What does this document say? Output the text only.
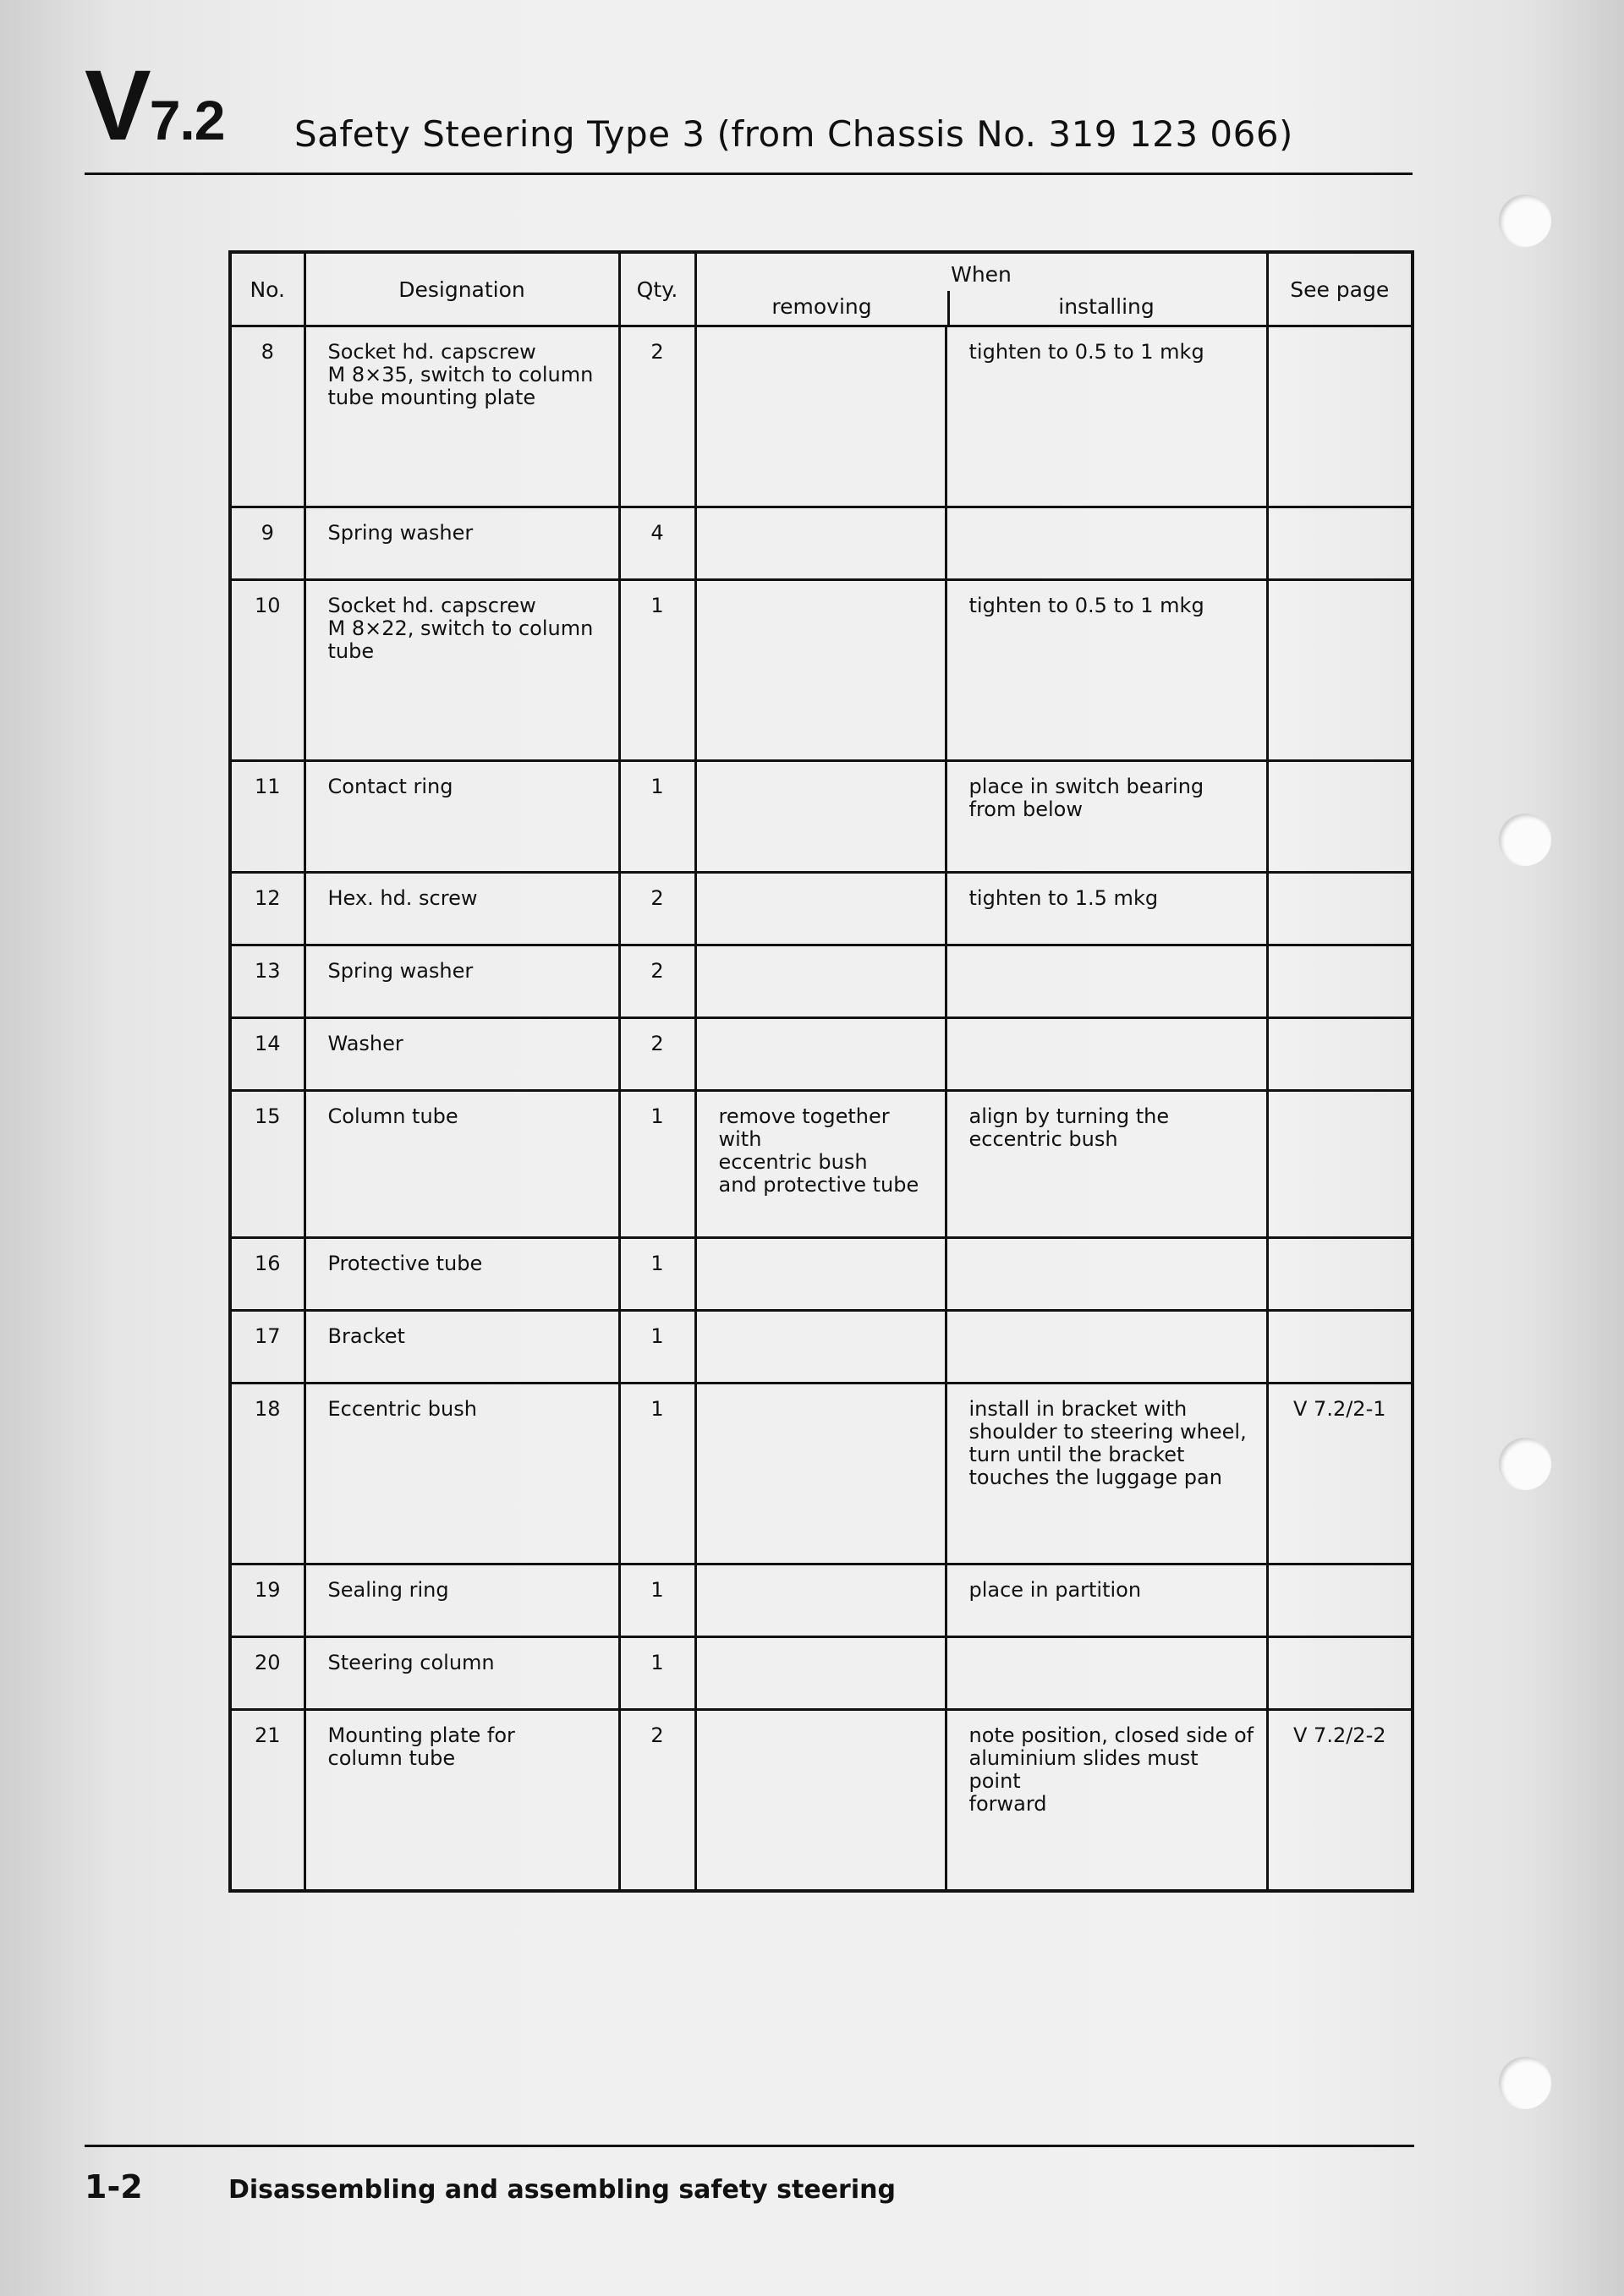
V7.2 Safety Steering Type 3 (from Chassis No. 319 123 066)
No.	Designation	Qty.	When
removing installing		See page

8	Socket hd. capscrew
M 8×35, switch to column
tube mounting plate	2		tighten to 0.5 to 1 mkg	

9	Spring washer	4			

10	Socket hd. capscrew
M 8×22, switch to column
tube	1		tighten to 0.5 to 1 mkg	

11	Contact ring	1		place in switch bearing
from below	

12	Hex. hd. screw	2		tighten to 1.5 mkg	

13	Spring washer	2			

14	Washer	2			

15	Column tube	1	remove together with
eccentric bush
and protective tube	align by turning the
eccentric bush	

16	Protective tube	1			

17	Bracket	1			

18	Eccentric bush	1		install in bracket with
shoulder to steering wheel,
turn until the bracket
touches the luggage pan	V 7.2/2-1

19	Sealing ring	1		place in partition	

20	Steering column	1			

21	Mounting plate for
column tube	2		note position, closed side of
aluminium slides must point
forward	V 7.2/2-2
1-2	Disassembling and assembling safety steering
